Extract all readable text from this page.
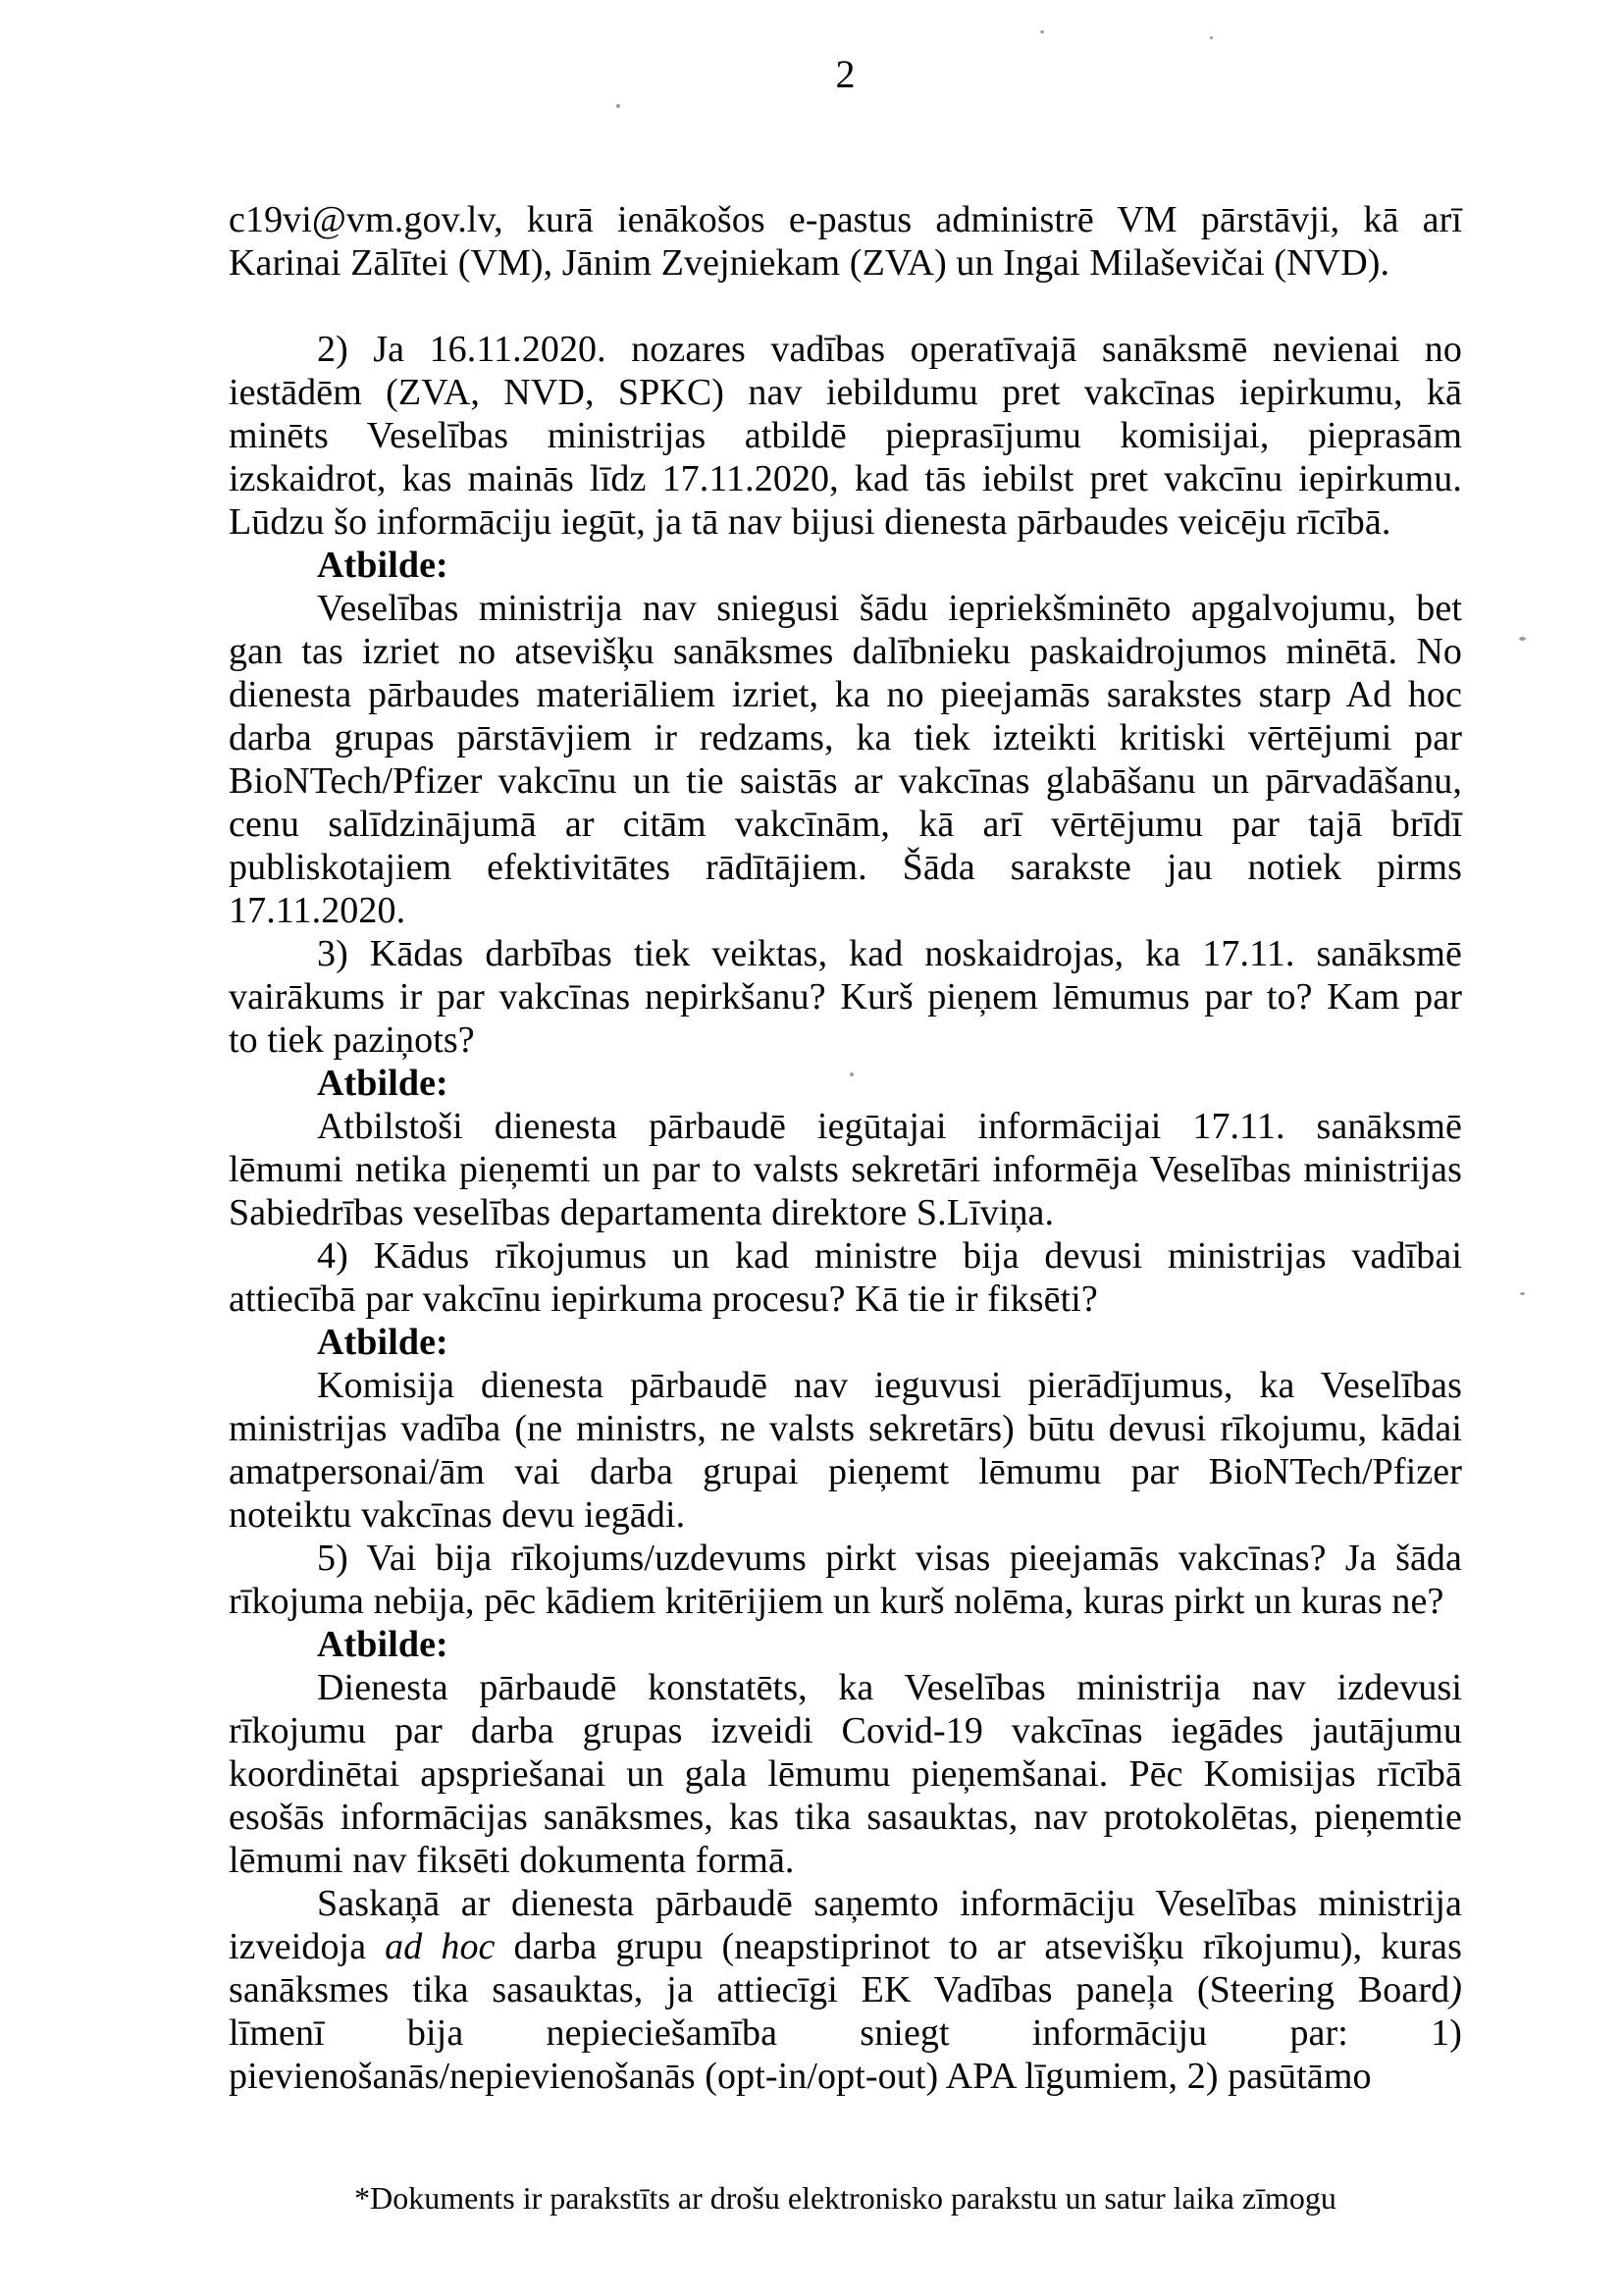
2
c19vi@vm.gov.lv, kurā ienākošos e-pastus administrē VM pārstāvji, kā arī
Karinai Zālītei (VM), Jānim Zvejniekam (ZVA) un Ingai Milaševičai (NVD).
2) Ja 16.11.2020. nozares vadības operatīvajā sanāksmē nevienai no
iestādēm (ZVA, NVD, SPKC) nav iebildumu pret vakcīnas iepirkumu, kā
minēts Veselības ministrijas atbildē pieprasījumu komisijai, pieprasām
izskaidrot, kas mainās līdz 17.11.2020, kad tās iebilst pret vakcīnu iepirkumu.
Lūdzu šo informāciju iegūt, ja tā nav bijusi dienesta pārbaudes veicēju rīcībā.
Atbilde:
Veselības ministrija nav sniegusi šādu iepriekšminēto apgalvojumu, bet
gan tas izriet no atsevišķu sanāksmes dalībnieku paskaidrojumos minētā. No
dienesta pārbaudes materiāliem izriet, ka no pieejamās sarakstes starp Ad hoc
darba grupas pārstāvjiem ir redzams, ka tiek izteikti kritiski vērtējumi par
BioNTech/Pfizer vakcīnu un tie saistās ar vakcīnas glabāšanu un pārvadāšanu,
cenu salīdzinājumā ar citām vakcīnām, kā arī vērtējumu par tajā brīdī
publiskotajiem efektivitātes rādītājiem. Šāda sarakste jau notiek pirms
17.11.2020.
3) Kādas darbības tiek veiktas, kad noskaidrojas, ka 17.11. sanāksmē
vairākums ir par vakcīnas nepirkšanu? Kurš pieņem lēmumus par to? Kam par
to tiek paziņots?
Atbilde:
Atbilstoši dienesta pārbaudē iegūtajai informācijai 17.11. sanāksmē
lēmumi netika pieņemti un par to valsts sekretāri informēja Veselības ministrijas
Sabiedrības veselības departamenta direktore S.Līviņa.
4) Kādus rīkojumus un kad ministre bija devusi ministrijas vadībai
attiecībā par vakcīnu iepirkuma procesu? Kā tie ir fiksēti?
Atbilde:
Komisija dienesta pārbaudē nav ieguvusi pierādījumus, ka Veselības
ministrijas vadība (ne ministrs, ne valsts sekretārs) būtu devusi rīkojumu, kādai
amatpersonai/ām vai darba grupai pieņemt lēmumu par BioNTech/Pfizer
noteiktu vakcīnas devu iegādi.
5) Vai bija rīkojums/uzdevums pirkt visas pieejamās vakcīnas? Ja šāda
rīkojuma nebija, pēc kādiem kritērijiem un kurš nolēma, kuras pirkt un kuras ne?
Atbilde:
Dienesta pārbaudē konstatēts, ka Veselības ministrija nav izdevusi
rīkojumu par darba grupas izveidi Covid-19 vakcīnas iegādes jautājumu
koordinētai apspriešanai un gala lēmumu pieņemšanai. Pēc Komisijas rīcībā
esošās informācijas sanāksmes, kas tika sasauktas, nav protokolētas, pieņemtie
lēmumi nav fiksēti dokumenta formā.
Saskaņā ar dienesta pārbaudē saņemto informāciju Veselības ministrija
izveidoja ad hoc darba grupu (neapstiprinot to ar atsevišķu rīkojumu), kuras
sanāksmes tika sasauktas, ja attiecīgi EK Vadības paneļa (Steering Board)
līmenī bija nepieciešamība sniegt informāciju par: 1)
pievienošanās/nepievienošanās (opt-in/opt-out) APA līgumiem, 2) pasūtāmo
*Dokuments ir parakstīts ar drošu elektronisko parakstu un satur laika zīmogu
